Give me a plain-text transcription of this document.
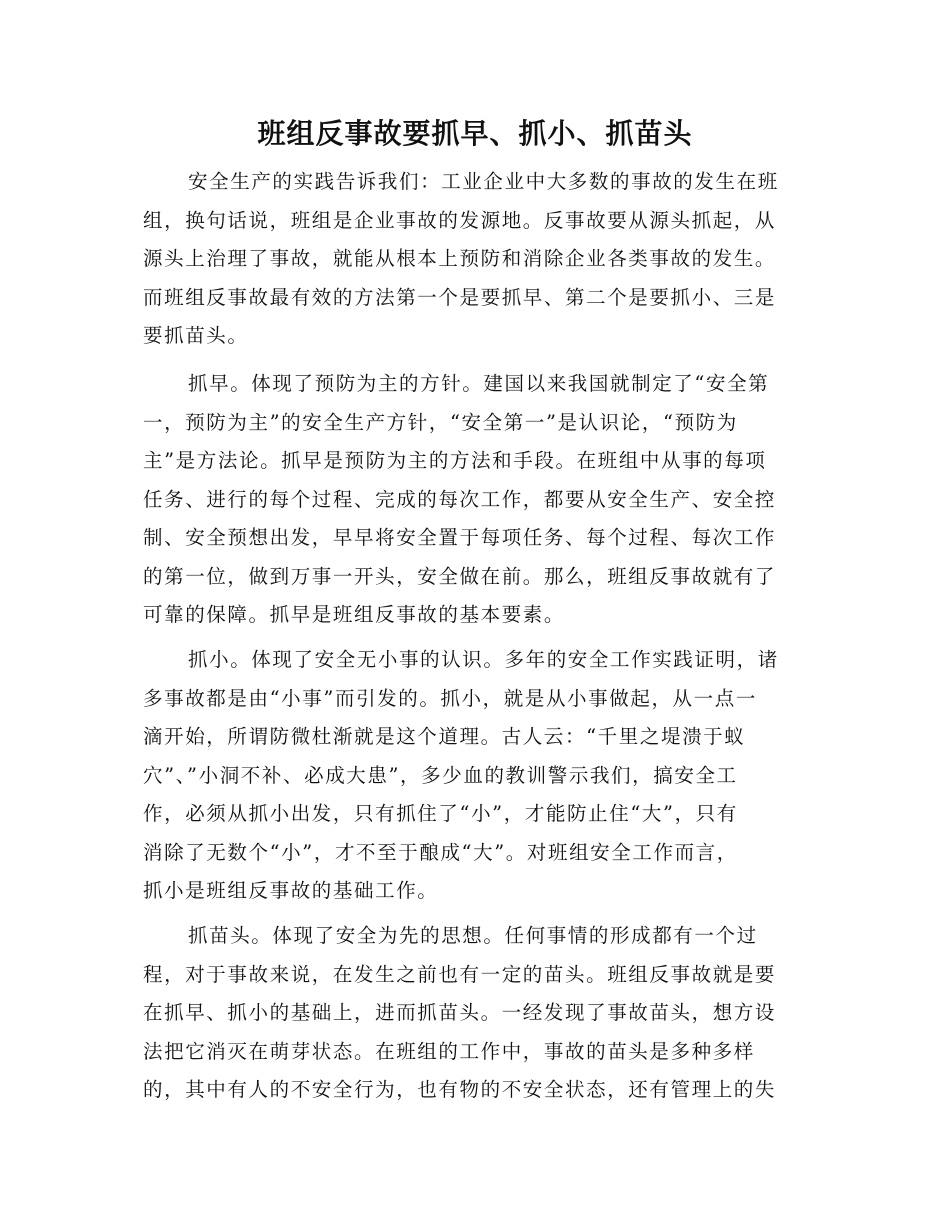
班组反事故要抓早、抓小、抓苗头
安全生产的实践告诉我们：工业企业中大多数的事故的发生在班
组，换句话说，班组是企业事故的发源地。反事故要从源头抓起，从
源头上治理了事故，就能从根本上预防和消除企业各类事故的发生。
而班组反事故最有效的方法第一个是要抓早、第二个是要抓小、三是
要抓苗头。
抓早。体现了预防为主的方针。建国以来我国就制定了“安全第
一，预防为主”的安全生产方针，“安全第一”是认识论，“预防为
主”是方法论。抓早是预防为主的方法和手段。在班组中从事的每项
任务、进行的每个过程、完成的每次工作，都要从安全生产、安全控
制、安全预想出发，早早将安全置于每项任务、每个过程、每次工作
的第一位，做到万事一开头，安全做在前。那么，班组反事故就有了
可靠的保障。抓早是班组反事故的基本要素。
抓小。体现了安全无小事的认识。多年的安全工作实践证明，诸
多事故都是由“小事”而引发的。抓小，就是从小事做起，从一点一
滴开始，所谓防微杜渐就是这个道理。古人云：“千里之堤溃于蚁
穴”、”小洞不补、必成大患”，多少血的教训警示我们，搞安全工
作，必须从抓小出发，只有抓住了“小”，才能防止住“大”，只有
消除了无数个“小”，才不至于酿成“大”。对班组安全工作而言，
抓小是班组反事故的基础工作。
抓苗头。体现了安全为先的思想。任何事情的形成都有一个过
程，对于事故来说，在发生之前也有一定的苗头。班组反事故就是要
在抓早、抓小的基础上，进而抓苗头。一经发现了事故苗头，想方设
法把它消灭在萌芽状态。在班组的工作中，事故的苗头是多种多样
的，其中有人的不安全行为，也有物的不安全状态，还有管理上的失
